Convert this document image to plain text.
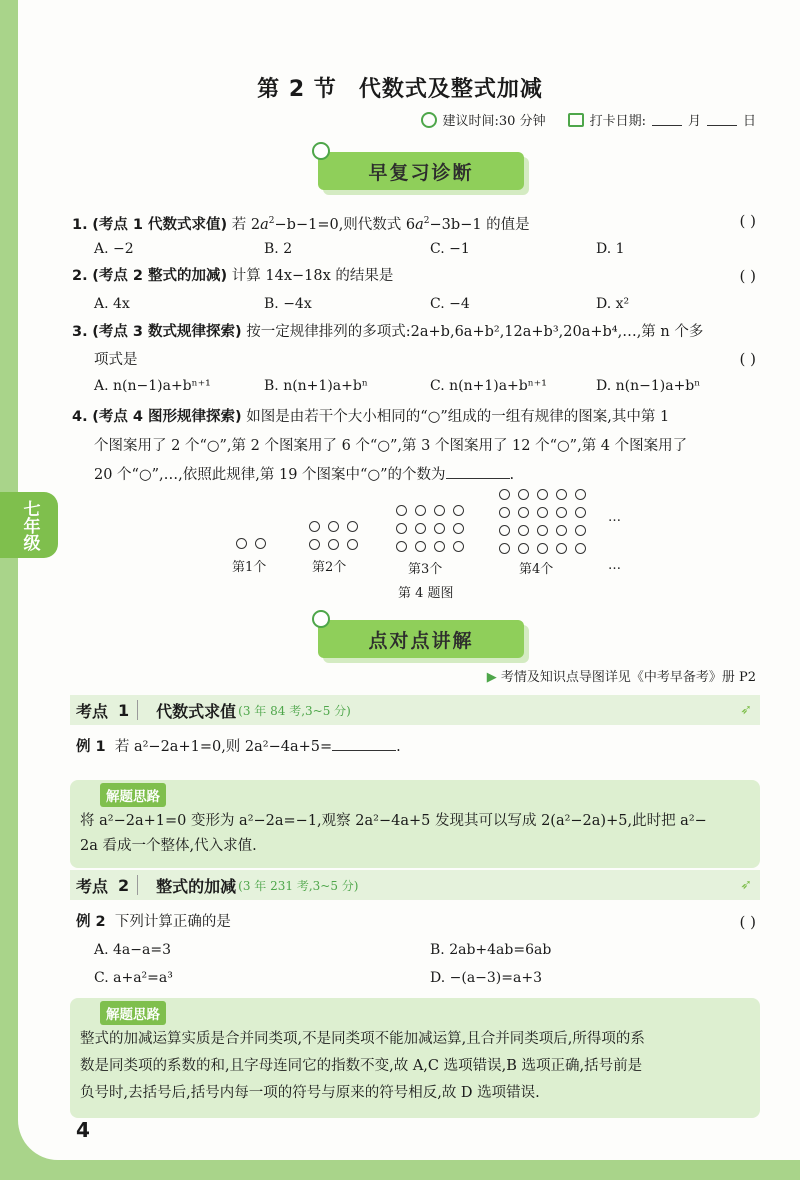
七年级
第 2 节 代数式及整式加减
建议时间:30 分钟	打卡日期:	月	日
早复习诊断
1. (考点 1 代数式求值) 若 $2a^2-b-1=0$,则代数式 $6a^2-3b-1$ 的值是	( )
A. −2	B. 2	C. −1	D. 1
2. (考点 2 整式的加减) 计算 14x−18x 的结果是	( )
A. 4x	B. −4x	C. −4	D. x²
3. (考点 3 数式规律探索) 按一定规律排列的多项式:2a+b,6a+b²,12a+b³,20a+b⁴,…,第 n 个多
项式是	( )
A. n(n−1)a+bⁿ⁺¹	B. n(n+1)a+bⁿ	C. n(n+1)a+bⁿ⁺¹	D. n(n−1)a+bⁿ
4. (考点 4 图形规律探索) 如图是由若干个大小相同的“○”组成的一组有规律的图案,其中第 1
个图案用了 2 个“○”,第 2 个图案用了 6 个“○”,第 3 个图案用了 12 个“○”,第 4 个图案用了
20 个“○”,…,依照此规律,第 19 个图案中“○”的个数为	.
…
…
第1个	第2个	第3个	第4个
第 4 题图
点对点讲解
▶ 考情及知识点导图详见《中考早备考》册 P2
考点 1 代数式求值 (3 年 84 考,3~5 分)	➶
例 1 若 a²−2a+1=0,则 2a²−4a+5=	.
解题思路

将 a²−2a+1=0 变形为 a²−2a=−1,观察 2a²−4a+5 发现其可以写成 2(a²−2a)+5,此时把 a²−

2a 看成一个整体,代入求值.

考点 2 整式的加减 (3 年 231 考,3~5 分)	➶
例 2 下列计算正确的是	( )
A. 4a−a=3	B. 2ab+4ab=6ab
C. a+a²=a³	D. −(a−3)=a+3
解题思路

整式的加减运算实质是合并同类项,不是同类项不能加减运算,且合并同类项后,所得项的系

数是同类项的系数的和,且字母连同它的指数不变,故 A,C 选项错误,B 选项正确,括号前是

负号时,去括号后,括号内每一项的符号与原来的符号相反,故 D 选项错误.

4
